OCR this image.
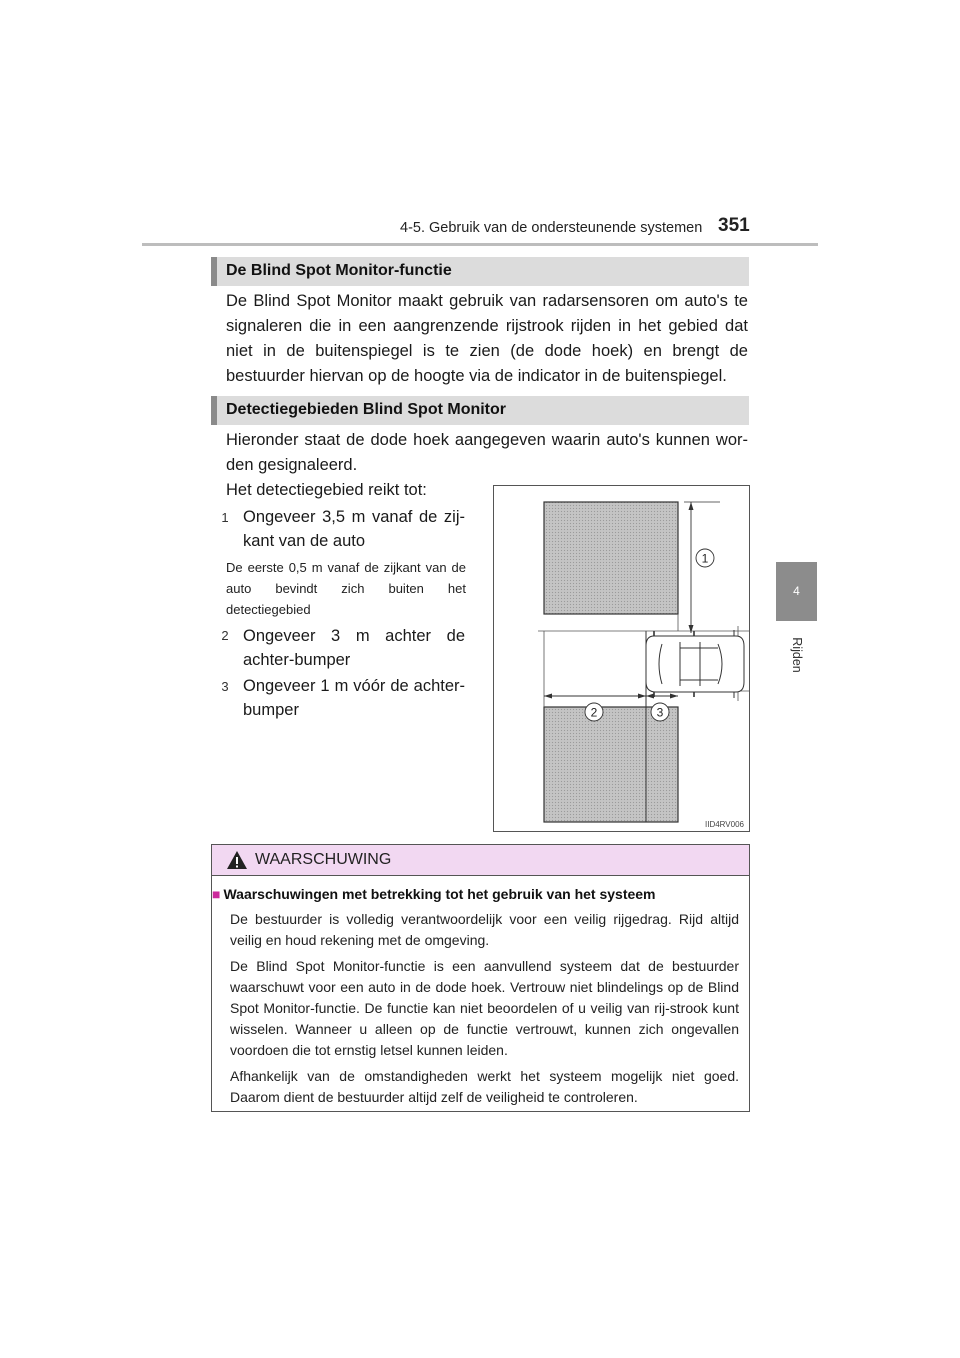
4-5. Gebruik van de ondersteunende systemen 351
4
Rijden
De Blind Spot Monitor-functie
De Blind Spot Monitor maakt gebruik van radarsensoren om auto's te signaleren die in een aangrenzende rijstrook rijden in het gebied dat niet in de buitenspiegel is te zien (de dode hoek) en brengt de bestuurder hiervan op de hoogte via de indicator in de buitenspiegel.
Detectiegebieden Blind Spot Monitor
Hieronder staat de dode hoek aangegeven waarin auto's kunnen wor-den gesignaleerd.
Het detectiegebied reikt tot:
1 Ongeveer 3,5 m vanaf de zij-kant van de auto
De eerste 0,5 m vanaf de zijkant van de auto bevindt zich buiten het detectiegebied
2 Ongeveer 3 m achter de achter-bumper
3 Ongeveer 1 m vóór de achter-bumper
1
2	3
IID4RV006
WAARSCHUWING
■ Waarschuwingen met betrekking tot het gebruik van het systeem
De bestuurder is volledig verantwoordelijk voor een veilig rijgedrag. Rijd altijd veilig en houd rekening met de omgeving.
De Blind Spot Monitor-functie is een aanvullend systeem dat de bestuurder waarschuwt voor een auto in de dode hoek. Vertrouw niet blindelings op de Blind Spot Monitor-functie. De functie kan niet beoordelen of u veilig van rij-strook kunt wisselen. Wanneer u alleen op de functie vertrouwt, kunnen zich ongevallen voordoen die tot ernstig letsel kunnen leiden.
Afhankelijk van de omstandigheden werkt het systeem mogelijk niet goed. Daarom dient de bestuurder altijd zelf de veiligheid te controleren.
